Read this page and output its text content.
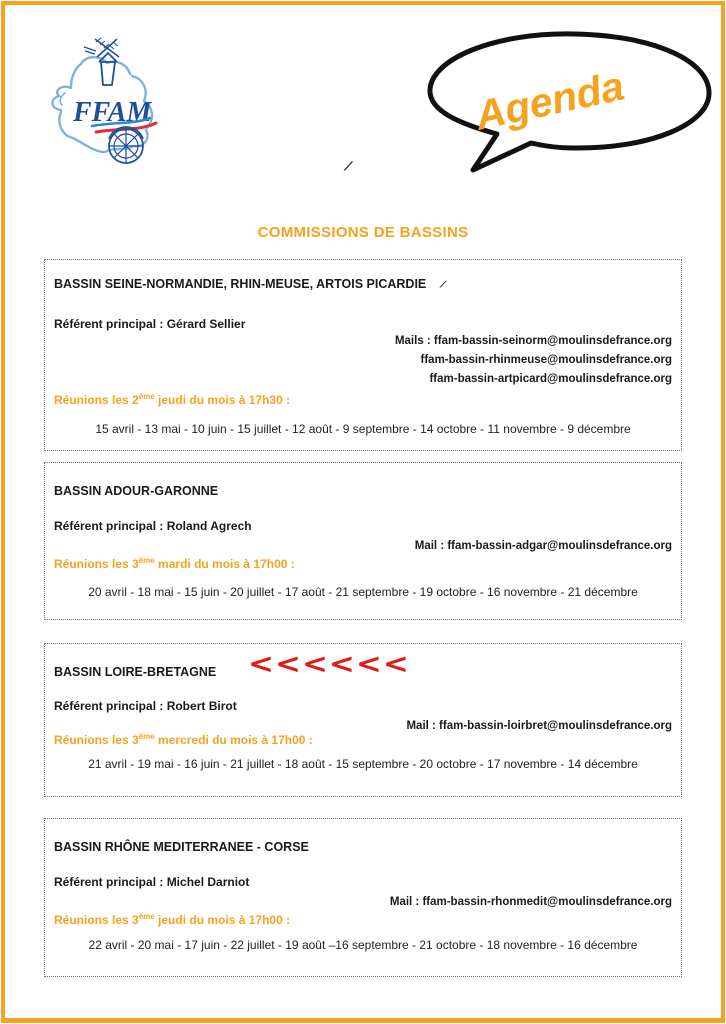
FFAM	Agenda
⁄
COMMISSIONS DE BASSINS
BASSIN SEINE-NORMANDIE, RHIN-MEUSE, ARTOIS PICARDIE ⁄
Référent principal : Gérard Sellier
Mails : ffam-bassin-seinorm@moulinsdefrance.org
ffam-bassin-rhinmeuse@moulinsdefrance.org
ffam-bassin-artpicard@moulinsdefrance.org
Réunions les 2ème jeudi du mois à 17h30 :
15 avril - 13 mai - 10 juin - 15 juillet - 12 août - 9 septembre - 14 octobre - 11 novembre - 9 décembre
BASSIN ADOUR-GARONNE
Référent principal : Roland Agrech
Mail : ffam-bassin-adgar@moulinsdefrance.org
Réunions les 3ème mardi du mois à 17h00 :
20 avril - 18 mai - 15 juin - 20 juillet - 17 août - 21 septembre - 19 octobre - 16 novembre - 21 décembre
BASSIN LOIRE-BRETAGNE <<<<<<
Référent principal : Robert Birot
Mail : ffam-bassin-loirbret@moulinsdefrance.org
Réunions les 3ème mercredi du mois à 17h00 :
21 avril - 19 mai - 16 juin - 21 juillet - 18 août - 15 septembre - 20 octobre - 17 novembre - 14 décembre
BASSIN RHÔNE MEDITERRANEE - CORSE
Référent principal : Michel Darniot
Mail : ffam-bassin-rhonmedit@moulinsdefrance.org
Réunions les 3ème jeudi du mois à 17h00 :
22 avril - 20 mai - 17 juin - 22 juillet - 19 août –16 septembre - 21 octobre - 18 novembre - 16 décembre
